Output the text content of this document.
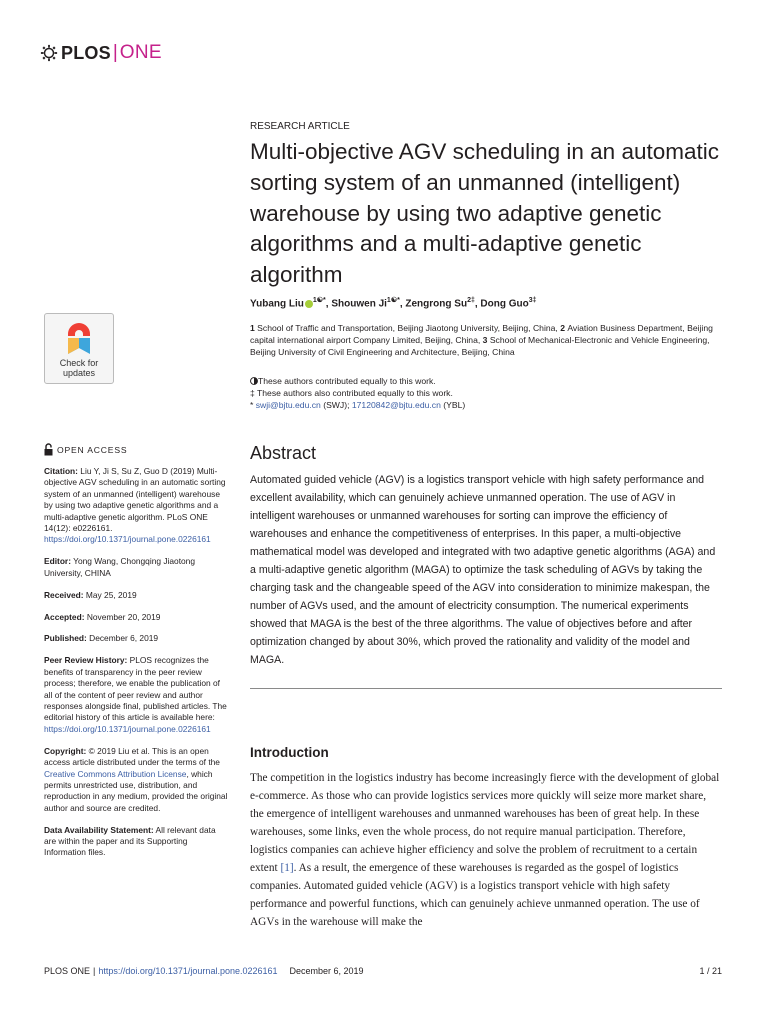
PLOS | ONE
RESEARCH ARTICLE
Multi-objective AGV scheduling in an automatic sorting system of an unmanned (intelligent) warehouse by using two adaptive genetic algorithms and a multi-adaptive genetic algorithm
Yubang Liu $^{1☯*}$, Shouwen $Ji^{1☯*}$, Zengrong $Su^{2\ddagger}$, Dong Guo$^{3\ddagger}$
1 School of Traffic and Transportation, Beijing Jiaotong University, Beijing, China, 2 Aviation Business Department, Beijing capital international airport Company Limited, Beijing, China, 3 School of Mechanical-Electronic and Vehicle Engineering, Beijing University of Civil Engineering and Architecture, Beijing, China
These authors contributed equally to this work.
‡ These authors also contributed equally to this work.
* swji@bjtu.edu.cn (SWJ); 17120842@bjtu.edu.cn (YBL)
Check for
updates
OPEN ACCESS

Citation: Liu Y, Ji S, Su Z, Guo D (2019) Multi-objective AGV scheduling in an automatic sorting system of an unmanned (intelligent) warehouse by using two adaptive genetic algorithms and a multi-adaptive genetic algorithm. PLoS ONE 14(12): e0226161. https://doi.org/10.1371/journal.pone.0226161

Editor: Yong Wang, Chongqing Jiaotong University, CHINA

Received: May 25, 2019

Accepted: November 20, 2019

Published: December 6, 2019

Peer Review History: PLOS recognizes the benefits of transparency in the peer review process; therefore, we enable the publication of all of the content of peer review and author responses alongside final, published articles. The editorial history of this article is available here: https://doi.org/10.1371/journal.pone.0226161

Copyright: © 2019 Liu et al. This is an open access article distributed under the terms of the Creative Commons Attribution License, which permits unrestricted use, distribution, and reproduction in any medium, provided the original author and source are credited.

Data Availability Statement: All relevant data are within the paper and its Supporting Information files.

Abstract

Automated guided vehicle (AGV) is a logistics transport vehicle with high safety performance and excellent availability, which can genuinely achieve unmanned operation. The use of AGV in intelligent warehouses or unmanned warehouses for sorting can improve the efficiency of warehouses and enhance the competitiveness of enterprises. In this paper, a multi-objective mathematical model was developed and integrated with two adaptive genetic algorithms (AGA) and a multi-adaptive genetic algorithm (MAGA) to optimize the task scheduling of AGVs by taking the charging task and the changeable speed of the AGV into consideration to minimize makespan, the number of AGVs used, and the amount of electricity consumption. The numerical experiments showed that MAGA is the best of the three algorithms. The value of objectives before and after optimization changed by about 30%, which proved the rationality and validity of the model and MAGA.

Introduction

The competition in the logistics industry has become increasingly fierce with the development of global e-commerce. As those who can provide logistics services more quickly will seize more market share, the emergence of intelligent warehouses and unmanned warehouses has been of great help. In these warehouses, some links, even the whole process, do not require manual participation. Therefore, logistics companies can achieve higher efficiency and solve the problem of recruitment to a certain extent [1]. As a result, the emergence of these warehouses is regarded as the gospel of logistics companies. Automated guided vehicle (AGV) is a logistics transport vehicle with high safety performance and powerful functions, which can genuinely achieve unmanned operation. The use of AGVs in the warehouse will make the

PLOS ONE | https://doi.org/10.1371/journal.pone.0226161 December 6, 2019	1 / 21
